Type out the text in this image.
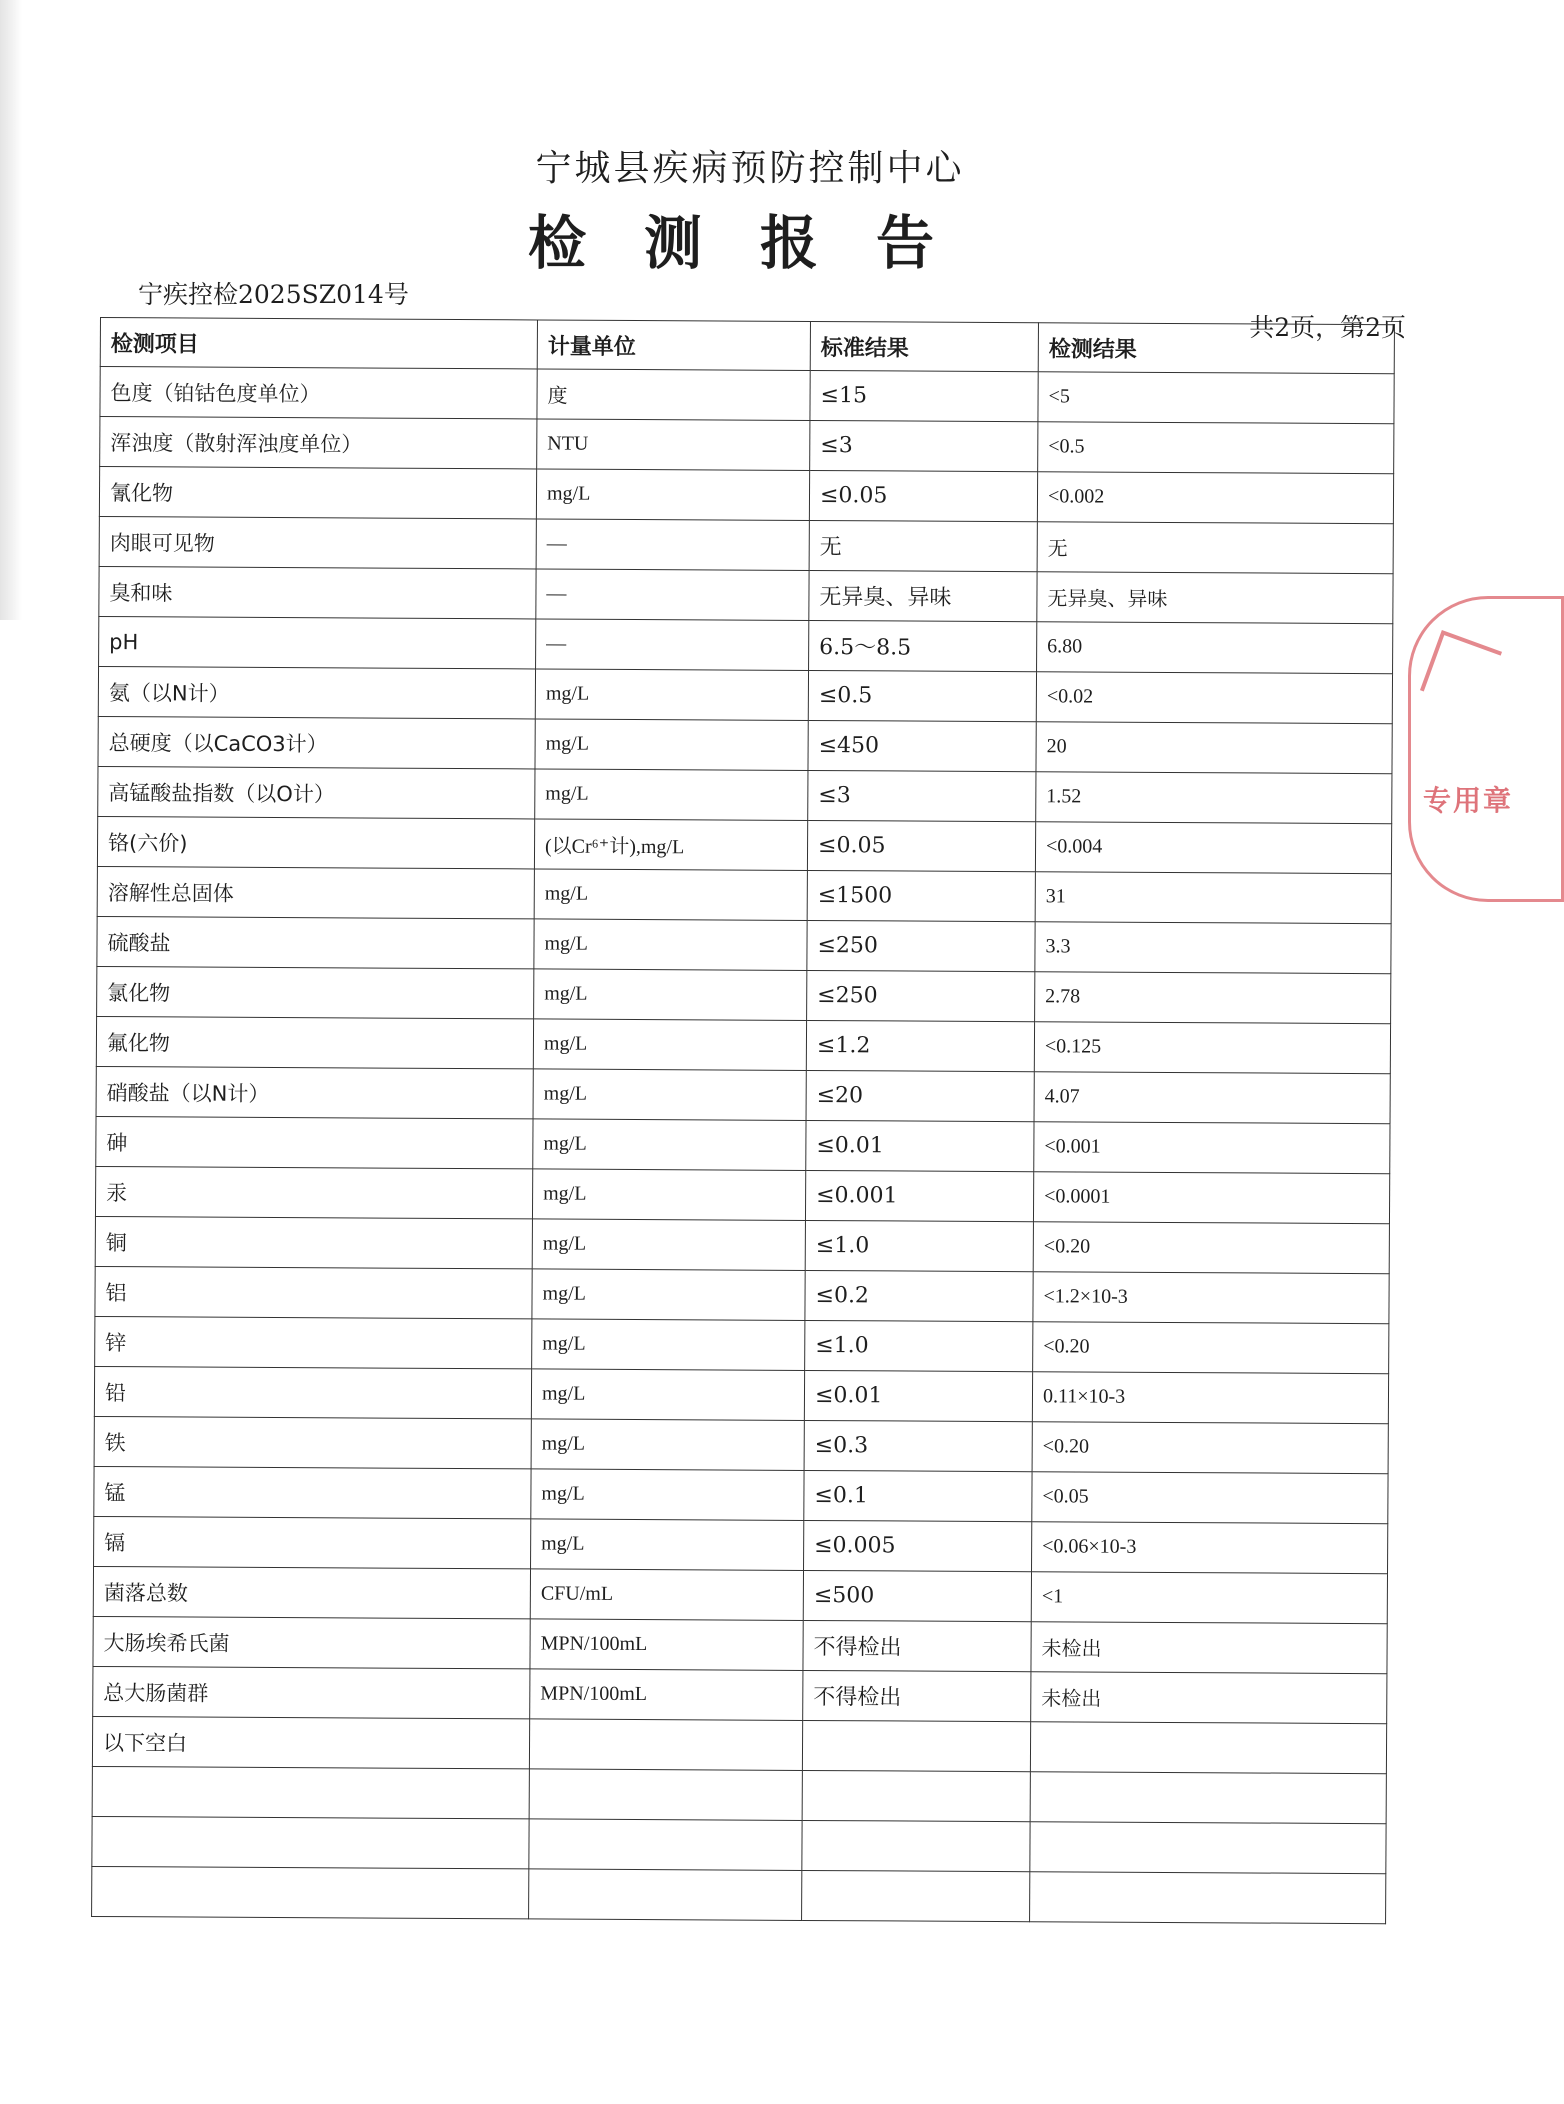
宁城县疾病预防控制中心
检测报告
宁疾控检2025SZ014号
共2页，第2页
检测项目	计量单位	标准结果	检测结果
色度（铂钴色度单位）	度	≤15	<5
浑浊度（散射浑浊度单位）	NTU	≤3	<0.5
氰化物	mg/L	≤0.05	<0.002
肉眼可见物	—	无	无
臭和味	—	无异臭、异味	无异臭、异味
pH	—	6.5～8.5	6.80
氨（以N计）	mg/L	≤0.5	<0.02
总硬度（以CaCO3计）	mg/L	≤450	20
高锰酸盐指数（以O计）	mg/L	≤3	1.52
铬(六价)	(以Cr⁶⁺计),mg/L	≤0.05	<0.004
溶解性总固体	mg/L	≤1500	31
硫酸盐	mg/L	≤250	3.3
氯化物	mg/L	≤250	2.78
氟化物	mg/L	≤1.2	<0.125
硝酸盐（以N计）	mg/L	≤20	4.07
砷	mg/L	≤0.01	<0.001
汞	mg/L	≤0.001	<0.0001
铜	mg/L	≤1.0	<0.20
铝	mg/L	≤0.2	<1.2×10-3
锌	mg/L	≤1.0	<0.20
铅	mg/L	≤0.01	0.11×10-3
铁	mg/L	≤0.3	<0.20
锰	mg/L	≤0.1	<0.05
镉	mg/L	≤0.005	<0.06×10-3
菌落总数	CFU/mL	≤500	<1
大肠埃希氏菌	MPN/100mL	不得检出	未检出
总大肠菌群	MPN/100mL	不得检出	未检出
以下空白			

专用章
